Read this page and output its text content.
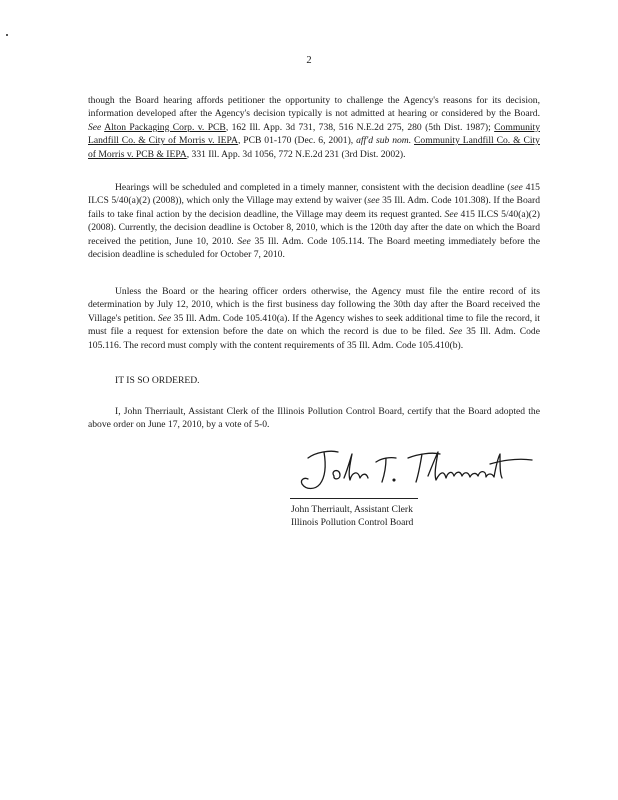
2
though the Board hearing affords petitioner the opportunity to challenge the Agency's reasons for its decision, information developed after the Agency's decision typically is not admitted at hearing or considered by the Board. See Alton Packaging Corp. v. PCB, 162 Ill. App. 3d 731, 738, 516 N.E.2d 275, 280 (5th Dist. 1987); Community Landfill Co. & City of Morris v. IEPA, PCB 01-170 (Dec. 6, 2001), aff'd sub nom. Community Landfill Co. & City of Morris v. PCB & IEPA, 331 Ill. App. 3d 1056, 772 N.E.2d 231 (3rd Dist. 2002).
Hearings will be scheduled and completed in a timely manner, consistent with the decision deadline (see 415 ILCS 5/40(a)(2) (2008)), which only the Village may extend by waiver (see 35 Ill. Adm. Code 101.308). If the Board fails to take final action by the decision deadline, the Village may deem its request granted. See 415 ILCS 5/40(a)(2) (2008). Currently, the decision deadline is October 8, 2010, which is the 120th day after the date on which the Board received the petition, June 10, 2010. See 35 Ill. Adm. Code 105.114. The Board meeting immediately before the decision deadline is scheduled for October 7, 2010.
Unless the Board or the hearing officer orders otherwise, the Agency must file the entire record of its determination by July 12, 2010, which is the first business day following the 30th day after the Board received the Village's petition. See 35 Ill. Adm. Code 105.410(a). If the Agency wishes to seek additional time to file the record, it must file a request for extension before the date on which the record is due to be filed. See 35 Ill. Adm. Code 105.116. The record must comply with the content requirements of 35 Ill. Adm. Code 105.410(b).
IT IS SO ORDERED.
I, John Therriault, Assistant Clerk of the Illinois Pollution Control Board, certify that the Board adopted the above order on June 17, 2010, by a vote of 5-0.
John Therriault, Assistant Clerk
Illinois Pollution Control Board
